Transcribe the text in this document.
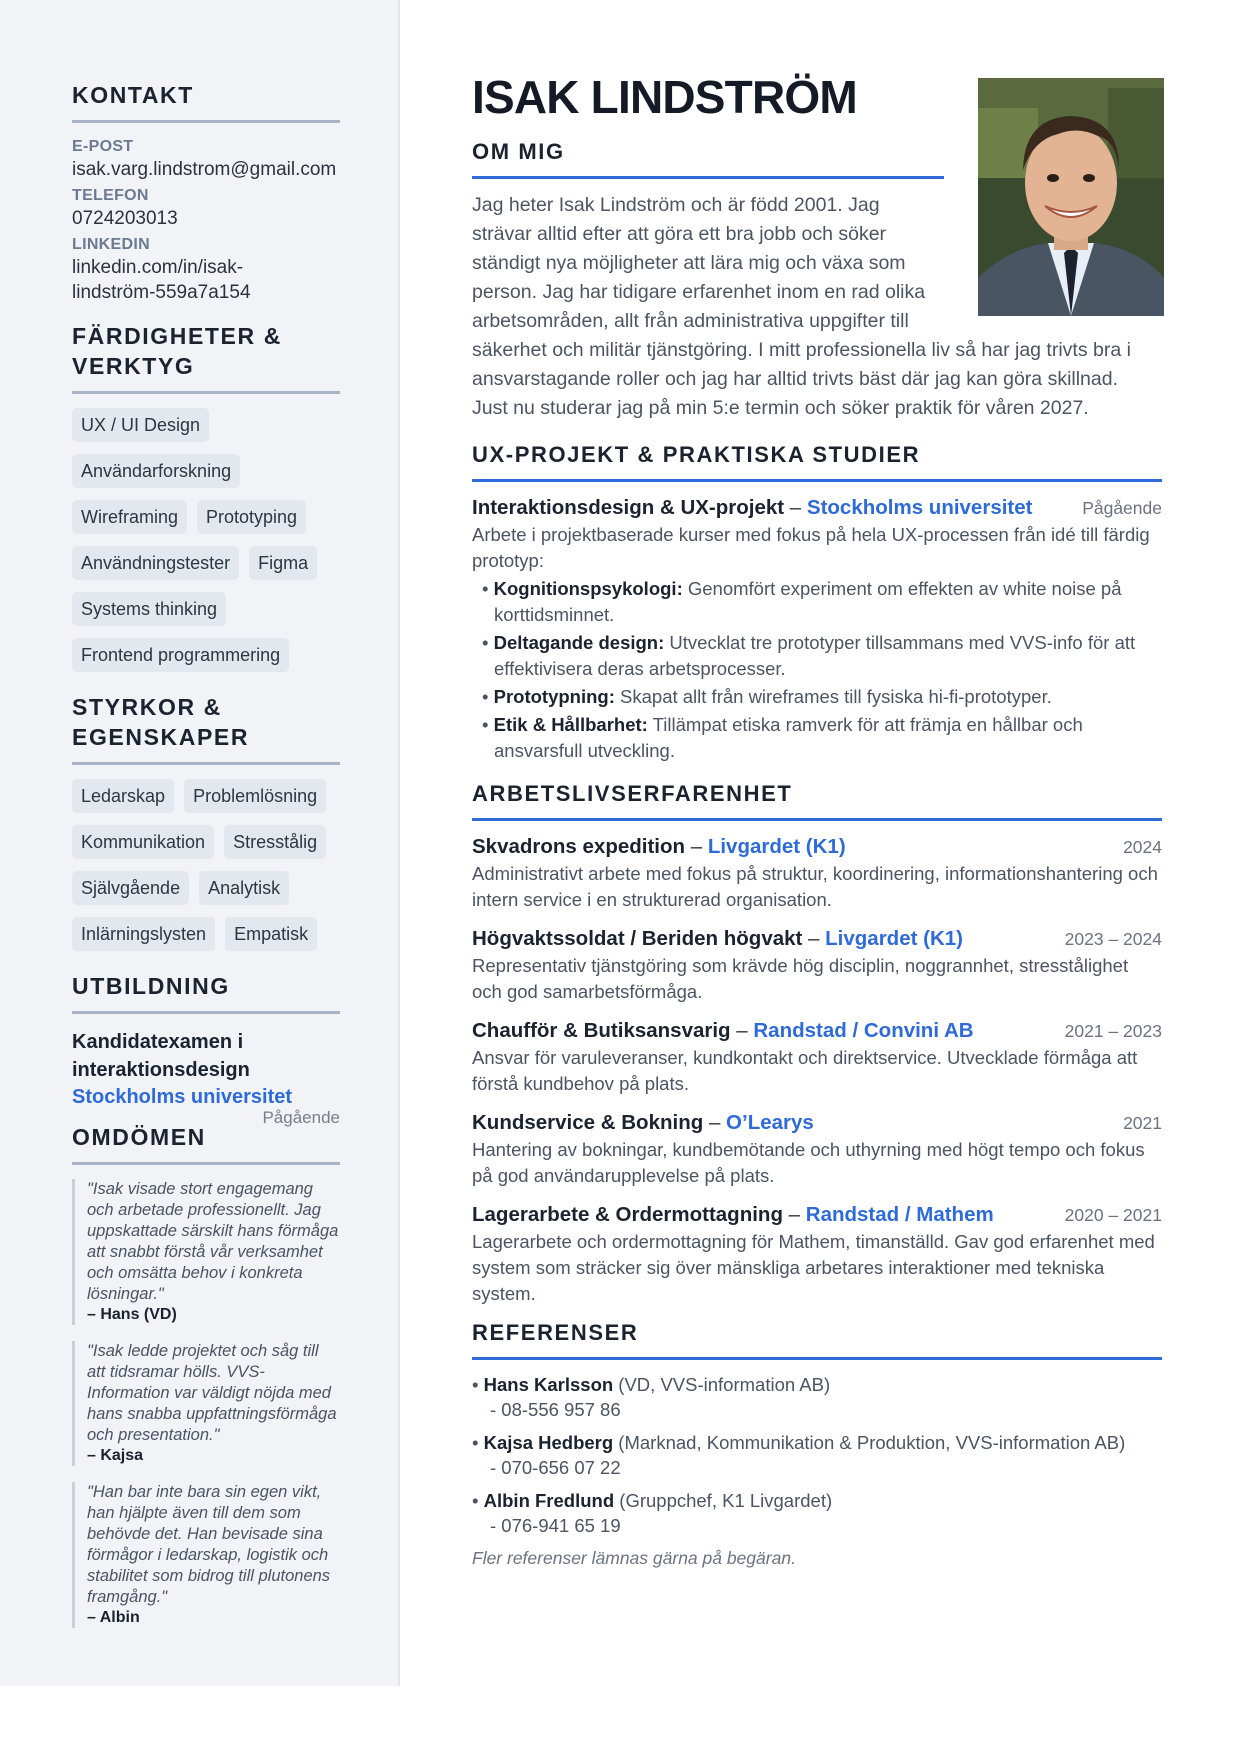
KONTAKT
E-POST
isak.varg.lindstrom@gmail.com
TELEFON
0724203013
LINKEDIN
linkedin.com/in/isak-
lindström-559a7a154
FÄRDIGHETER &
VERKTYG
UX / UI Design
Användarforskning
Wireframing	Prototyping
Användningstester	Figma
Systems thinking
Frontend programmering
STYRKOR &
EGENSKAPER
Ledarskap	Problemlösning
Kommunikation	Stresstålig
Självgående	Analytisk
Inlärningslysten	Empatisk
UTBILDNING
Kandidatexamen i
interaktionsdesign
Stockholms universitet
Pågående
OMDÖMEN
"Isak visade stort engagemang och arbetade professionellt. Jag uppskattade särskilt hans förmåga att snabbt förstå vår verksamhet och omsätta behov i konkreta lösningar."
– Hans (VD)
"Isak ledde projektet och såg till att tidsramar hölls. VVS-Information var väldigt nöjda med hans snabba uppfattningsförmåga och presentation."
– Kajsa
"Han bar inte bara sin egen vikt, han hjälpte även till dem som behövde det. Han bevisade sina förmågor i ledarskap, logistik och stabilitet som bidrog till plutonens framgång."
– Albin
ISAK LINDSTRÖM
OM MIG
Jag heter Isak Lindström och är född 2001. Jag
strävar alltid efter att göra ett bra jobb och söker
ständigt nya möjligheter att lära mig och växa som
person. Jag har tidigare erfarenhet inom en rad olika
arbetsområden, allt från administrativa uppgifter till
säkerhet och militär tjänstgöring. I mitt professionella liv så har jag trivts bra i
ansvarstagande roller och jag har alltid trivts bäst där jag kan göra skillnad.
Just nu studerar jag på min 5:e termin och söker praktik för våren 2027.
UX-PROJEKT & PRAKTISKA STUDIER
Interaktionsdesign & UX-projekt – Stockholms universitet	Pågående
Arbete i projektbaserade kurser med fokus på hela UX-processen från idé till färdig prototyp:
• Kognitionspsykologi: Genomfört experiment om effekten av white noise på korttidsminnet.
• Deltagande design: Utvecklat tre prototyper tillsammans med VVS-info för att effektivisera deras arbetsprocesser.
• Prototypning: Skapat allt från wireframes till fysiska hi-fi-prototyper.
• Etik & Hållbarhet: Tillämpat etiska ramverk för att främja en hållbar och ansvarsfull utveckling.
ARBETSLIVSERFARENHET
Skvadrons expedition – Livgardet (K1)	2024
Administrativt arbete med fokus på struktur, koordinering, informationshantering och intern service i en strukturerad organisation.
Högvaktssoldat / Beriden högvakt – Livgardet (K1)	2023 – 2024
Representativ tjänstgöring som krävde hög disciplin, noggrannhet, stresstålighet och god samarbetsförmåga.
Chaufför & Butiksansvarig – Randstad / Convini AB	2021 – 2023
Ansvar för varuleveranser, kundkontakt och direktservice. Utvecklade förmåga att förstå kundbehov på plats.
Kundservice & Bokning – O’Learys	2021
Hantering av bokningar, kundbemötande och uthyrning med högt tempo och fokus på god användarupplevelse på plats.
Lagerarbete & Ordermottagning – Randstad / Mathem	2020 – 2021
Lagerarbete och ordermottagning för Mathem, timanställd. Gav god erfarenhet med system som sträcker sig över mänskliga arbetares interaktioner med tekniska system.
REFERENSER
• Hans Karlsson (VD, VVS-information AB)
- 08-556 957 86
• Kajsa Hedberg (Marknad, Kommunikation & Produktion, VVS-information AB)
- 070-656 07 22
• Albin Fredlund (Gruppchef, K1 Livgardet)
- 076-941 65 19
Fler referenser lämnas gärna på begäran.
